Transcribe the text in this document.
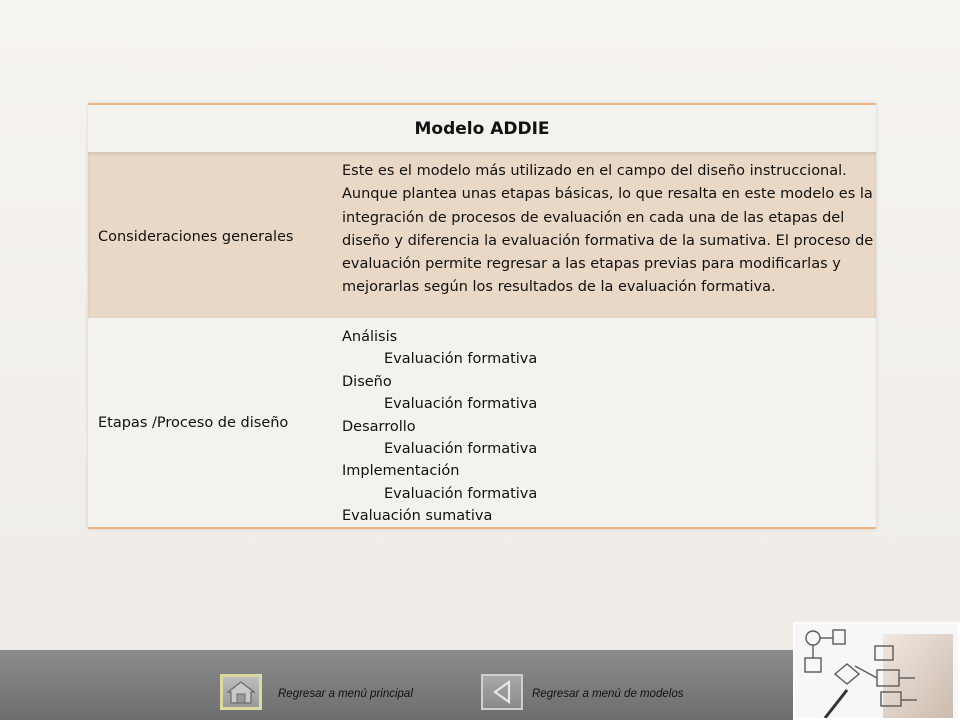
Modelo ADDIE
Consideraciones generales
Este es el modelo más utilizado en el campo del diseño instruccional. Aunque plantea unas etapas básicas, lo que resalta en este modelo es la integración de procesos de evaluación en cada una de las etapas del diseño y diferencia la evaluación formativa de la sumativa. El proceso de evaluación permite regresar a las etapas previas para modificarlas y mejorarlas según los resultados de la evaluación formativa.
Etapas /Proceso de diseño
Análisis
Evaluación formativa
Diseño
Evaluación formativa
Desarrollo
Evaluación formativa
Implementación
Evaluación formativa
Evaluación sumativa
Regresar a menú principal	Regresar a menú de modelos
